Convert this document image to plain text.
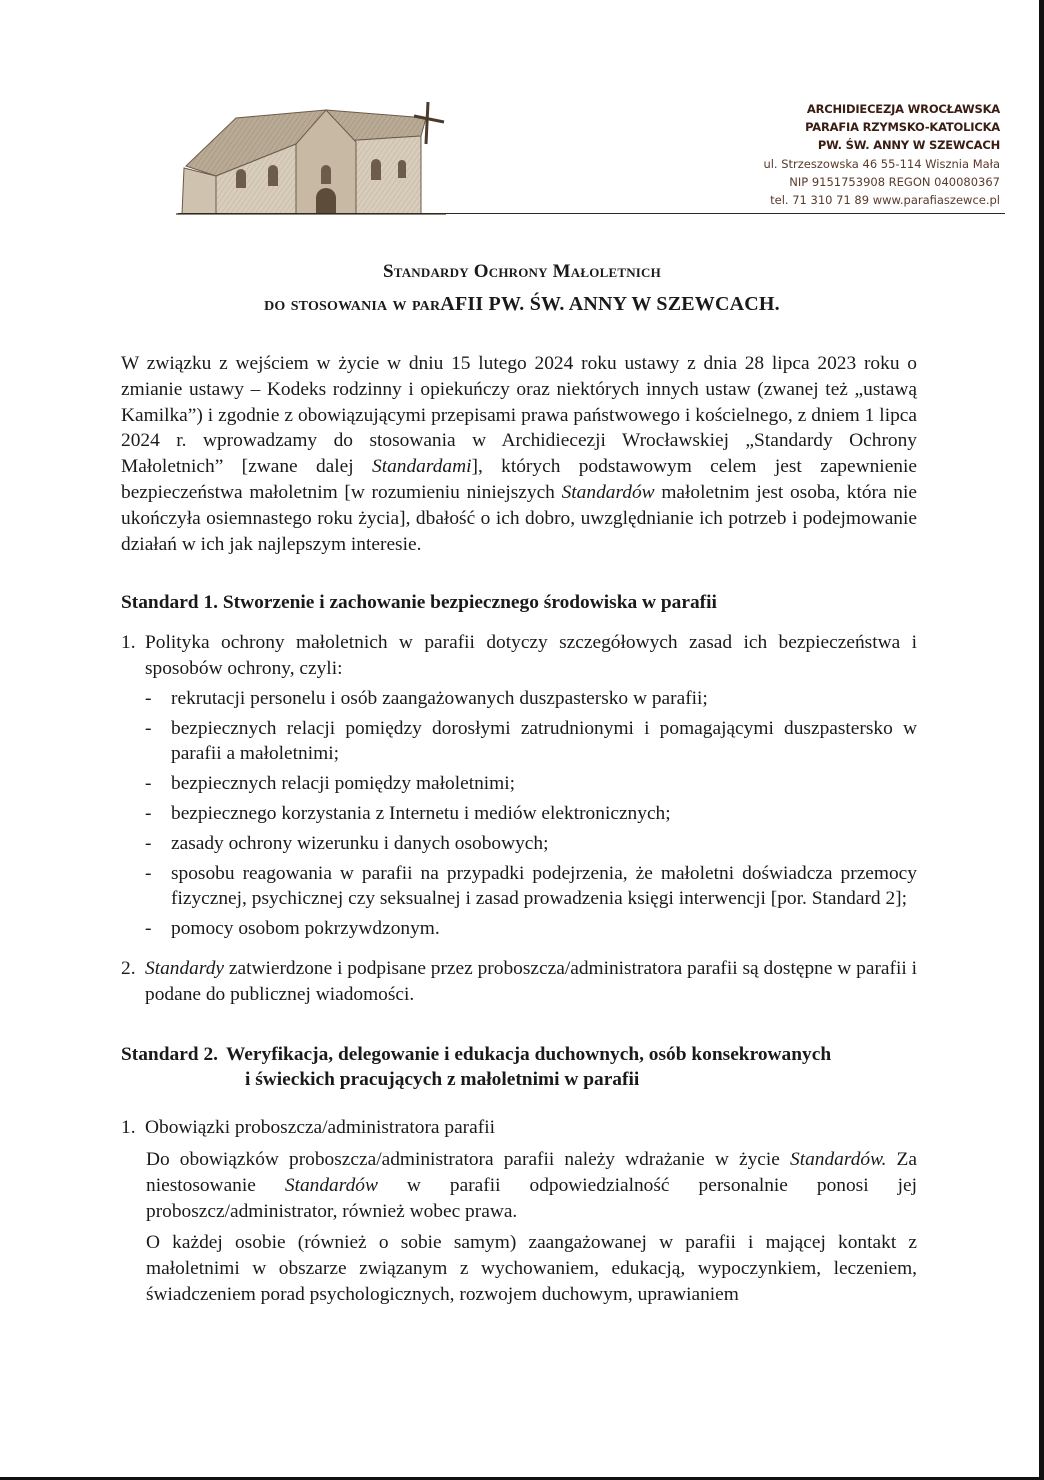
ARCHIDIECEZJA WROCŁAWSKA
PARAFIA RZYMSKO-KATOLICKA
PW. ŚW. ANNY W SZEWCACH
ul. Strzeszowska 46 55-114 Wisznia Mała
NIP 9151753908 REGON 040080367
tel. 71 310 71 89 www.parafiaszewce.pl
Standardy Ochrony Małoletnich
do stosowania w parAFII PW. ŚW. ANNY W SZEWCACH.
W związku z wejściem w życie w dniu 15 lutego 2024 roku ustawy z dnia 28 lipca 2023 roku o zmianie ustawy – Kodeks rodzinny i opiekuńczy oraz niektórych innych ustaw (zwanej też „ustawą Kamilka”) i zgodnie z obowiązującymi przepisami prawa państwowego i kościelnego, z dniem 1 lipca 2024 r. wprowadzamy do stosowania w Archidiecezji Wrocławskiej „Standardy Ochrony Małoletnich” [zwane dalej Standardami], których podstawowym celem jest zapewnienie bezpieczeństwa małoletnim [w rozumieniu niniejszych Standardów małoletnim jest osoba, która nie ukończyła osiemnastego roku życia], dbałość o ich dobro, uwzględnianie ich potrzeb i podejmowanie działań w ich jak najlepszym interesie.
Standard 1. Stworzenie i zachowanie bezpiecznego środowiska w parafii
1. Polityka ochrony małoletnich w parafii dotyczy szczegółowych zasad ich bezpieczeństwa i sposobów ochrony, czyli:
-	rekrutacji personelu i osób zaangażowanych duszpastersko w parafii;
-	bezpiecznych relacji pomiędzy dorosłymi zatrudnionymi i pomagającymi duszpastersko w parafii a małoletnimi;
-	bezpiecznych relacji pomiędzy małoletnimi;
-	bezpiecznego korzystania z Internetu i mediów elektronicznych;
-	zasady ochrony wizerunku i danych osobowych;
-	sposobu reagowania w parafii na przypadki podejrzenia, że małoletni doświadcza przemocy fizycznej, psychicznej czy seksualnej i zasad prowadzenia księgi interwencji [por. Standard 2];
-	pomocy osobom pokrzywdzonym.
2. Standardy zatwierdzone i podpisane przez proboszcza/administratora parafii są dostępne w parafii i podane do publicznej wiadomości.
Standard 2. Weryfikacja, delegowanie i edukacja duchownych, osób konsekrowanych
i świeckich pracujących z małoletnimi w parafii
1. Obowiązki proboszcza/administratora parafii

Do obowiązków proboszcza/administratora parafii należy wdrażanie w życie Standardów. Za niestosowanie Standardów w parafii odpowiedzialność personalnie ponosi jej proboszcz/administrator, również wobec prawa.

O każdej osobie (również o sobie samym) zaangażowanej w parafii i mającej kontakt z małoletnimi w obszarze związanym z wychowaniem, edukacją, wypoczynkiem, leczeniem, świadczeniem porad psychologicznych, rozwojem duchowym, uprawianiem
